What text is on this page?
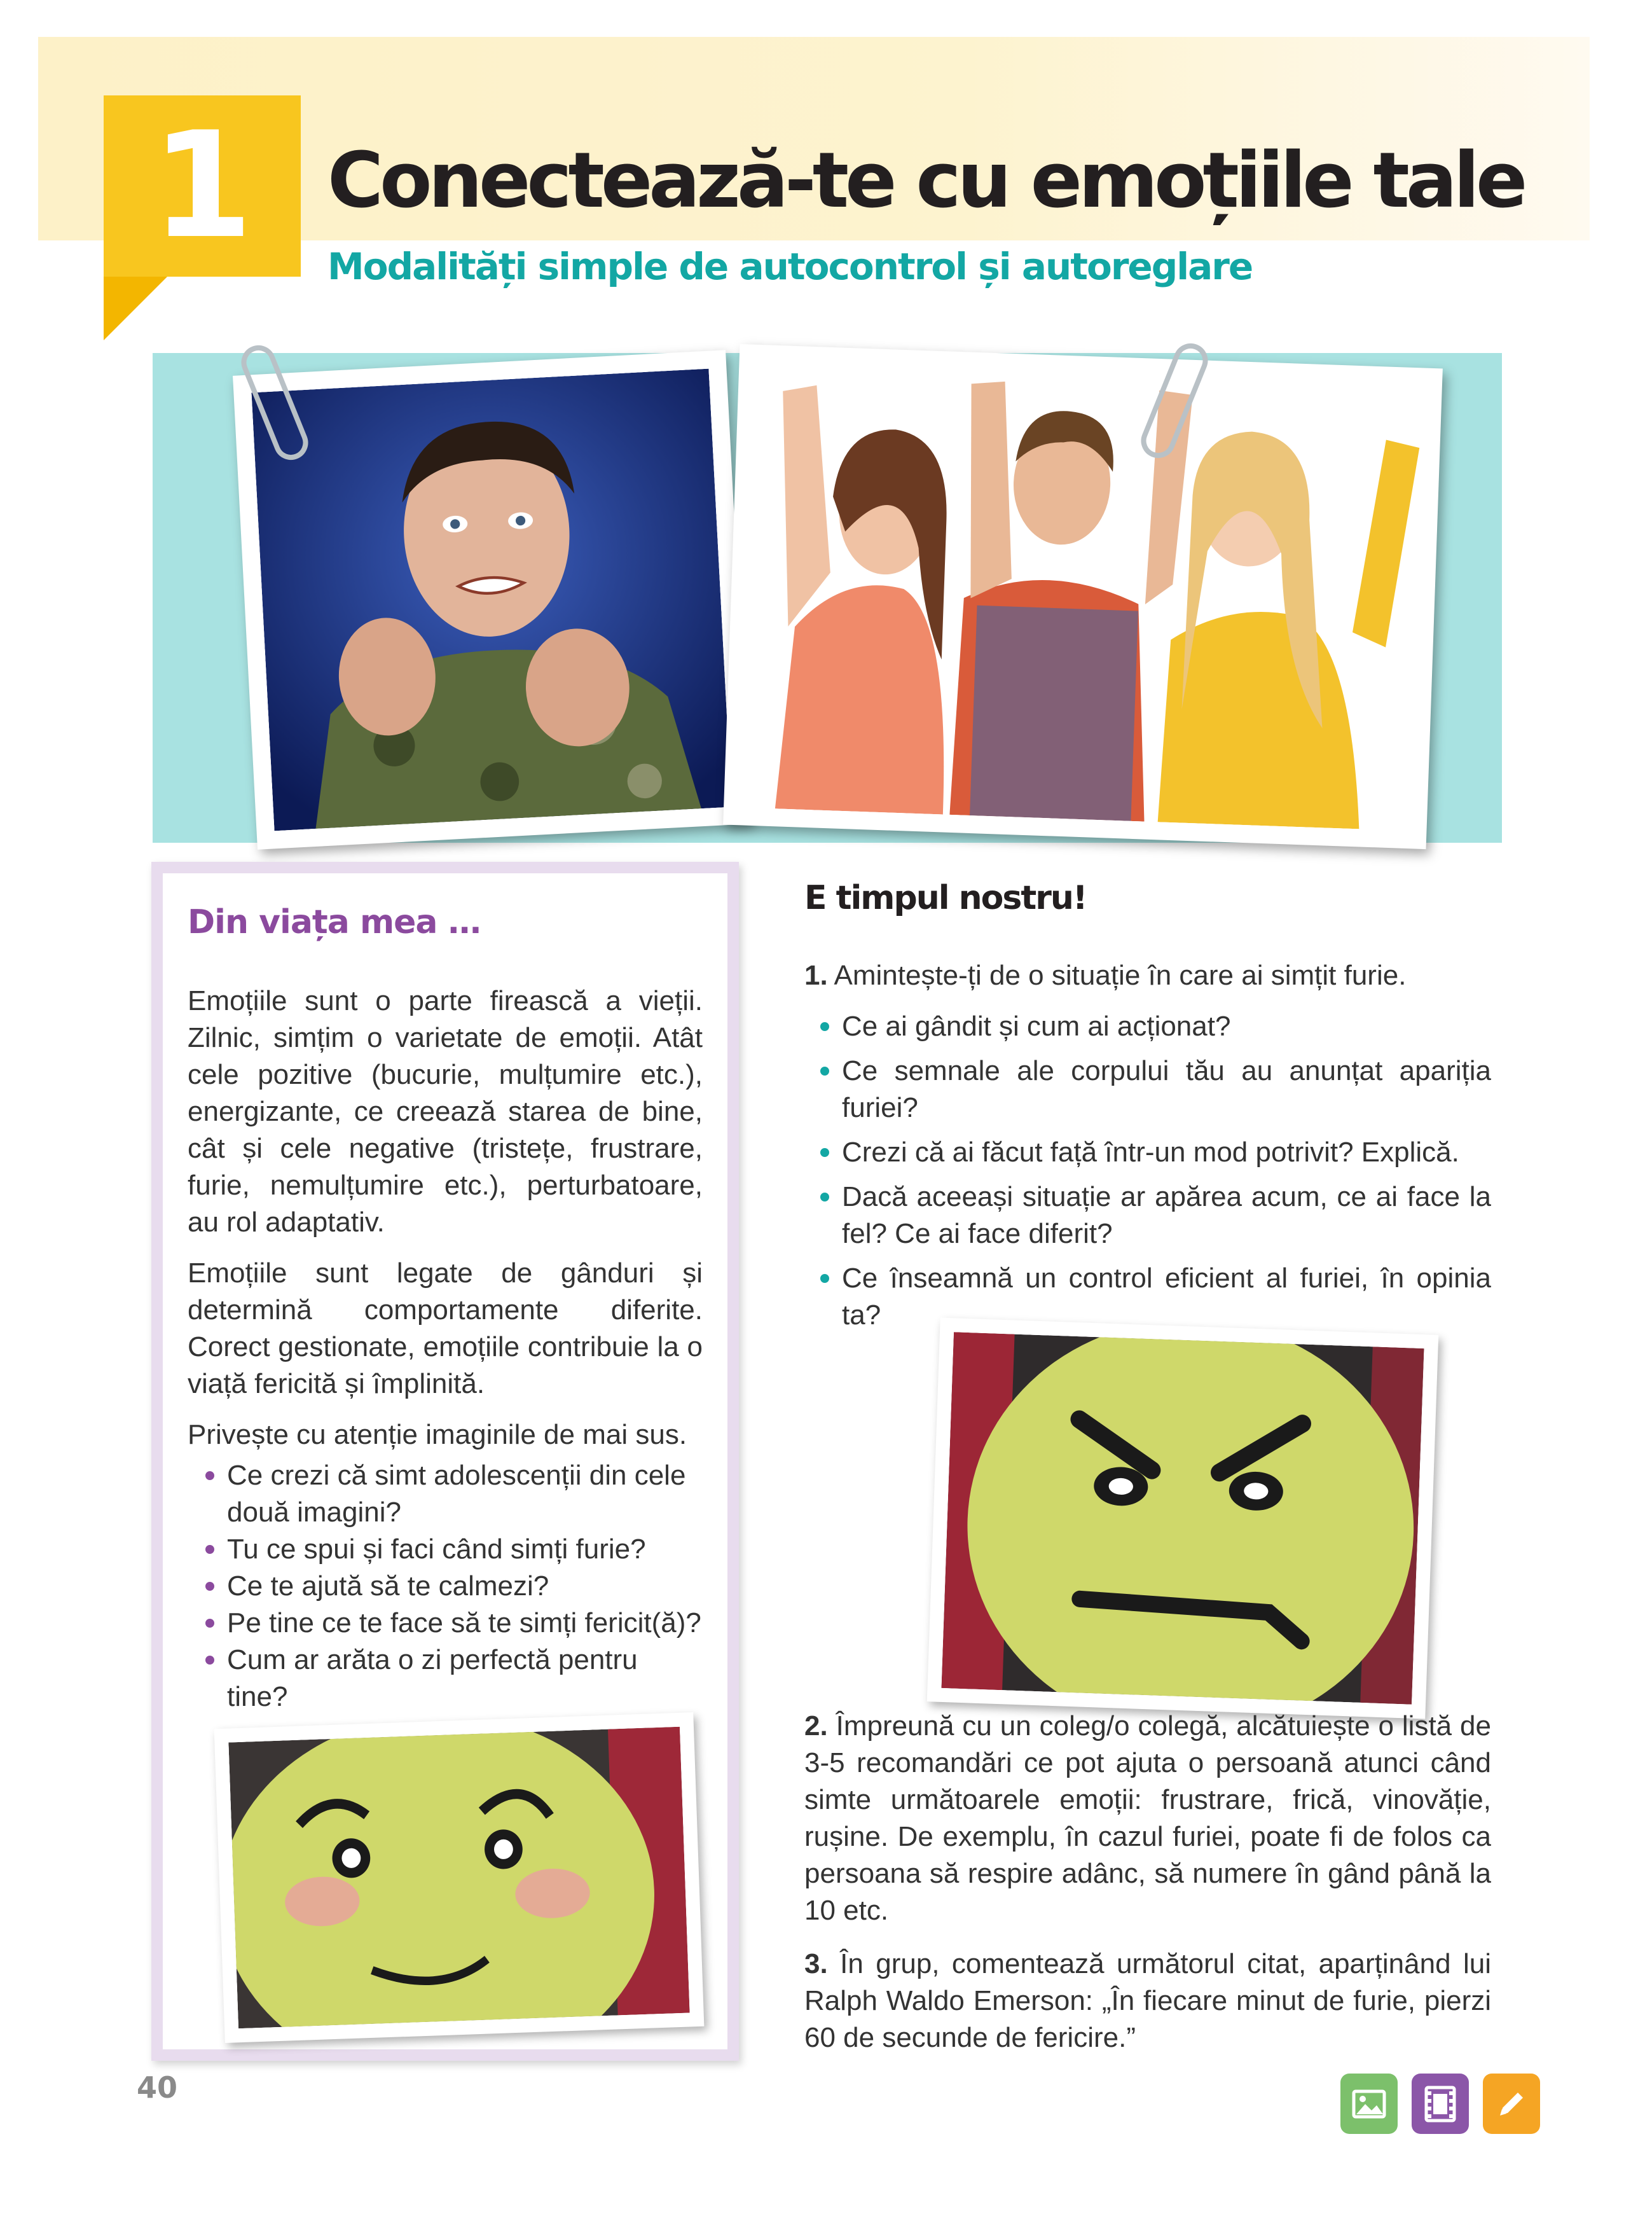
1 Conectează-te cu emoțiile tale
Modalități simple de autocontrol și autoreglare
Din viața mea …

Emoțiile sunt o parte firească a vieții. Zilnic, simțim o varietate de emoții. Atât cele pozitive (bucurie, mulțumire etc.), energizante, ce creează starea de bine, cât și cele negative (tristețe, frustrare, furie, nemulțumire etc.), perturbatoare, au rol adaptativ.

Emoțiile sunt legate de gânduri și determină comportamente diferite. Corect gestionate, emoțiile contribuie la o viață fericită și împlinită.

Privește cu atenție imaginile de mai sus.

Ce crezi că simt adolescenții din cele două imagini?
Tu ce spui și faci când simți furie?
Ce te ajută să te calmezi?
Pe tine ce te face să te simți fericit(ă)?
Cum ar arăta o zi perfectă pentru tine?
E timpul nostru!
1. Amintește-ți de o situație în care ai simțit furie.
Ce ai gândit și cum ai acționat?
Ce semnale ale corpului tău au anunțat apariția furiei?
Crezi că ai făcut față într-un mod potrivit? Explică.
Dacă aceeași situație ar apărea acum, ce ai face la fel? Ce ai face diferit?
Ce înseamnă un control eficient al furiei, în opinia ta?

2. Împreună cu un coleg/o colegă, alcătuiește o listă de 3-5 recomandări ce pot ajuta o persoană atunci când simte următoarele emoții: frustrare, frică, vinovăție, rușine. De exemplu, în cazul furiei, poate fi de folos ca persoana să respire adânc, să numere în gând până la 10 etc.

3. În grup, comentează următorul citat, aparținând lui Ralph Waldo Emerson: „În fiecare minut de furie, pierzi 60 de secunde de fericire.”

40
